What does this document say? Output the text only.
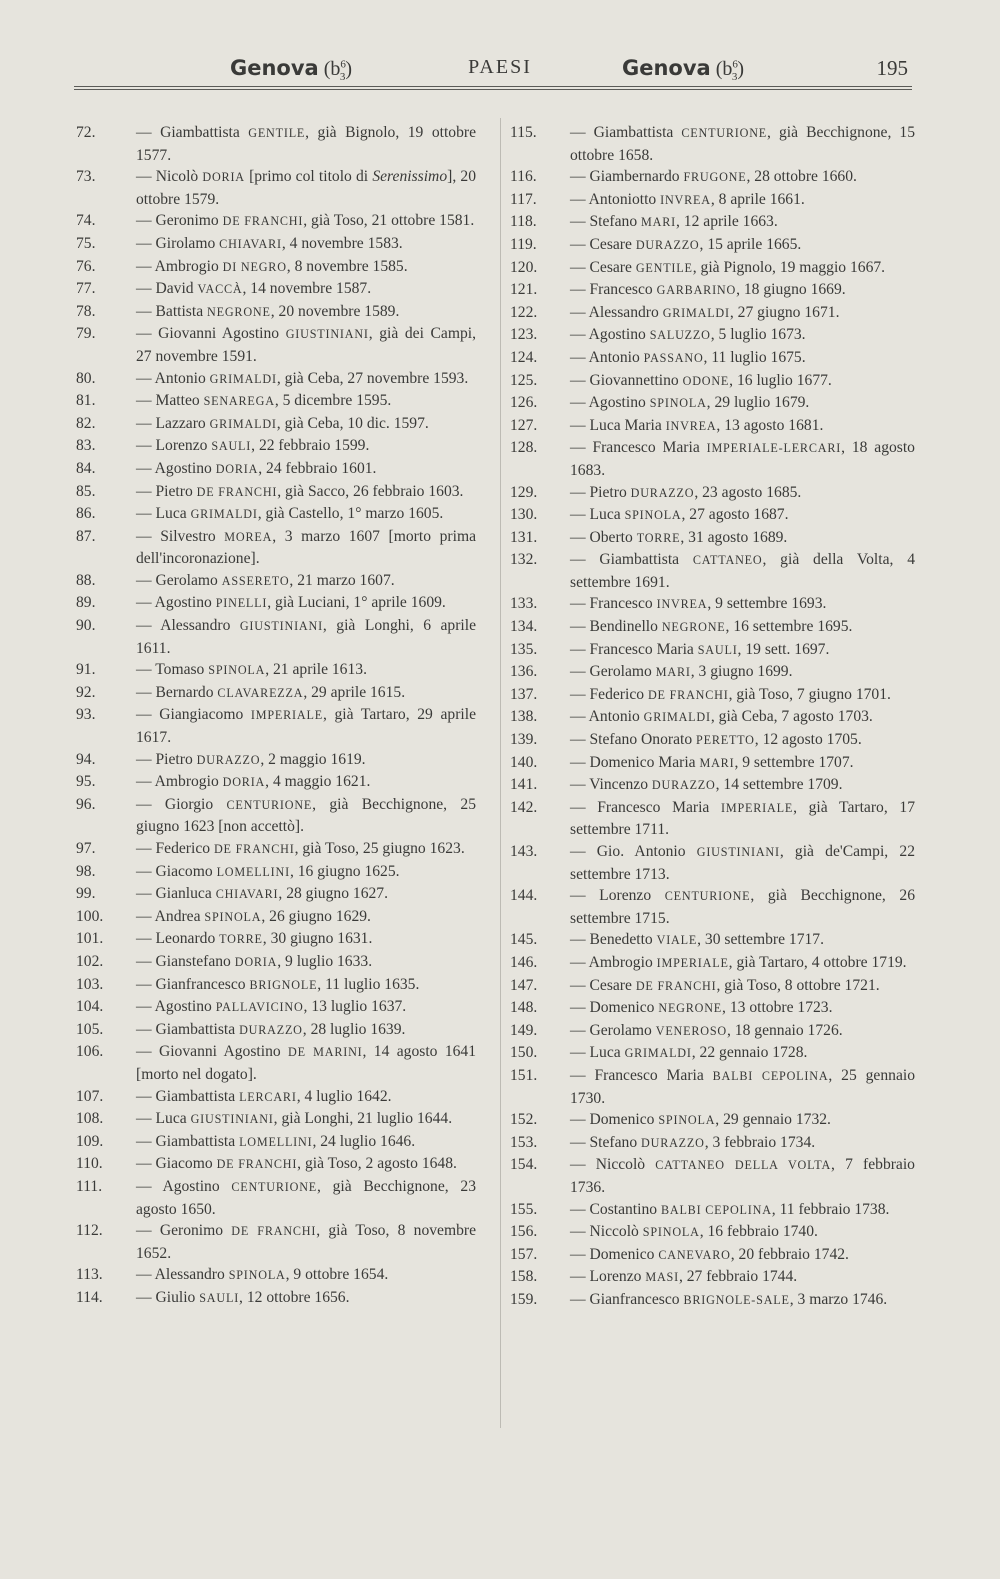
Genova $(b^6_3)$	PAESI	Genova $(b^6_3)$	195

72.	— Giambattista GENTILE, già Bignolo, 19 ottobre 1577.

73.	— Nicolò DORIA [primo col titolo di Serenissimo], 20 ottobre 1579.

74.	— Geronimo DE FRANCHI, già Toso, 21 ottobre 1581.

75.	— Girolamo CHIAVARI, 4 novembre 1583.

76.	— Ambrogio DI NEGRO, 8 novembre 1585.

77.	— David VACCÀ, 14 novembre 1587.

78.	— Battista NEGRONE, 20 novembre 1589.

79.	— Giovanni Agostino GIUSTINIANI, già dei Campi, 27 novembre 1591.

80.	— Antonio GRIMALDI, già Ceba, 27 novembre 1593.

81.	— Matteo SENAREGA, 5 dicembre 1595.

82.	— Lazzaro GRIMALDI, già Ceba, 10 dic. 1597.

83.	— Lorenzo SAULI, 22 febbraio 1599.

84.	— Agostino DORIA, 24 febbraio 1601.

85.	— Pietro DE FRANCHI, già Sacco, 26 febbraio 1603.

86.	— Luca GRIMALDI, già Castello, 1° marzo 1605.

87.	— Silvestro MOREA, 3 marzo 1607 [morto prima dell'incoronazione].

88.	— Gerolamo ASSERETO, 21 marzo 1607.

89.	— Agostino PINELLI, già Luciani, 1° aprile 1609.

90.	— Alessandro GIUSTINIANI, già Longhi, 6 aprile 1611.

91.	— Tomaso SPINOLA, 21 aprile 1613.

92.	— Bernardo CLAVAREZZA, 29 aprile 1615.

93.	— Giangiacomo IMPERIALE, già Tartaro, 29 aprile 1617.

94.	— Pietro DURAZZO, 2 maggio 1619.

95.	— Ambrogio DORIA, 4 maggio 1621.

96.	— Giorgio CENTURIONE, già Becchignone, 25 giugno 1623 [non accettò].

97.	— Federico DE FRANCHI, già Toso, 25 giugno 1623.

98.	— Giacomo LOMELLINI, 16 giugno 1625.

99.	— Gianluca CHIAVARI, 28 giugno 1627.

100.	— Andrea SPINOLA, 26 giugno 1629.

101.	— Leonardo TORRE, 30 giugno 1631.

102.	— Gianstefano DORIA, 9 luglio 1633.

103.	— Gianfrancesco BRIGNOLE, 11 luglio 1635.

104.	— Agostino PALLAVICINO, 13 luglio 1637.

105.	— Giambattista DURAZZO, 28 luglio 1639.

106.	— Giovanni Agostino DE MARINI, 14 agosto 1641 [morto nel dogato].

107.	— Giambattista LERCARI, 4 luglio 1642.

108.	— Luca GIUSTINIANI, già Longhi, 21 luglio 1644.

109.	— Giambattista LOMELLINI, 24 luglio 1646.

110.	— Giacomo DE FRANCHI, già Toso, 2 agosto 1648.

111.	— Agostino CENTURIONE, già Becchignone, 23 agosto 1650.

112.	— Geronimo DE FRANCHI, già Toso, 8 novembre 1652.

113.	— Alessandro SPINOLA, 9 ottobre 1654.

114.	— Giulio SAULI, 12 ottobre 1656.

115.	— Giambattista CENTURIONE, già Becchignone, 15 ottobre 1658.

116.	— Giambernardo FRUGONE, 28 ottobre 1660.

117.	— Antoniotto INVREA, 8 aprile 1661.

118.	— Stefano MARI, 12 aprile 1663.

119.	— Cesare DURAZZO, 15 aprile 1665.

120.	— Cesare GENTILE, già Pignolo, 19 maggio 1667.

121.	— Francesco GARBARINO, 18 giugno 1669.

122.	— Alessandro GRIMALDI, 27 giugno 1671.

123.	— Agostino SALUZZO, 5 luglio 1673.

124.	— Antonio PASSANO, 11 luglio 1675.

125.	— Giovannettino ODONE, 16 luglio 1677.

126.	— Agostino SPINOLA, 29 luglio 1679.

127.	— Luca Maria INVREA, 13 agosto 1681.

128.	— Francesco Maria IMPERIALE-LERCARI, 18 agosto 1683.

129.	— Pietro DURAZZO, 23 agosto 1685.

130.	— Luca SPINOLA, 27 agosto 1687.

131.	— Oberto TORRE, 31 agosto 1689.

132.	— Giambattista CATTANEO, già della Volta, 4 settembre 1691.

133.	— Francesco INVREA, 9 settembre 1693.

134.	— Bendinello NEGRONE, 16 settembre 1695.

135.	— Francesco Maria SAULI, 19 sett. 1697.

136.	— Gerolamo MARI, 3 giugno 1699.

137.	— Federico DE FRANCHI, già Toso, 7 giugno 1701.

138.	— Antonio GRIMALDI, già Ceba, 7 agosto 1703.

139.	— Stefano Onorato PERETTO, 12 agosto 1705.

140.	— Domenico Maria MARI, 9 settembre 1707.

141.	— Vincenzo DURAZZO, 14 settembre 1709.

142.	— Francesco Maria IMPERIALE, già Tartaro, 17 settembre 1711.

143.	— Gio. Antonio GIUSTINIANI, già de'Campi, 22 settembre 1713.

144.	— Lorenzo CENTURIONE, già Becchignone, 26 settembre 1715.

145.	— Benedetto VIALE, 30 settembre 1717.

146.	— Ambrogio IMPERIALE, già Tartaro, 4 ottobre 1719.

147.	— Cesare DE FRANCHI, già Toso, 8 ottobre 1721.

148.	— Domenico NEGRONE, 13 ottobre 1723.

149.	— Gerolamo VENEROSO, 18 gennaio 1726.

150.	— Luca GRIMALDI, 22 gennaio 1728.

151.	— Francesco Maria BALBI CEPOLINA, 25 gennaio 1730.

152.	— Domenico SPINOLA, 29 gennaio 1732.

153.	— Stefano DURAZZO, 3 febbraio 1734.

154.	— Niccolò CATTANEO DELLA VOLTA, 7 febbraio 1736.

155.	— Costantino BALBI CEPOLINA, 11 febbraio 1738.

156.	— Niccolò SPINOLA, 16 febbraio 1740.

157.	— Domenico CANEVARO, 20 febbraio 1742.

158.	— Lorenzo MASI, 27 febbraio 1744.

159.	— Gianfrancesco BRIGNOLE-SALE, 3 marzo 1746.
